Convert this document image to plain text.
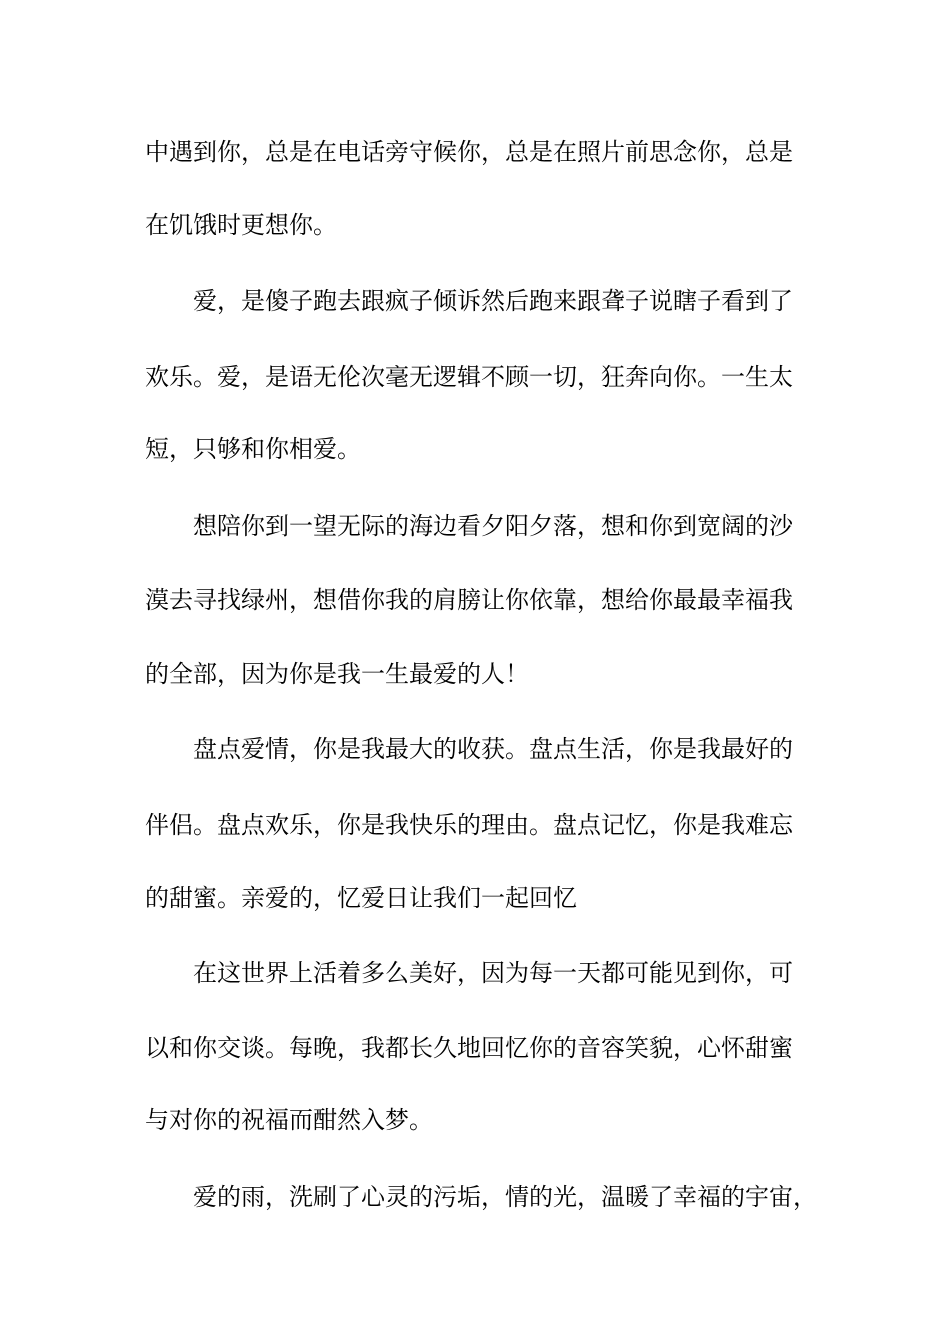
中遇到你，总是在电话旁守候你，总是在照片前思念你，总是
在饥饿时更想你。
爱，是傻子跑去跟疯子倾诉然后跑来跟聋子说瞎子看到了
欢乐。爱，是语无伦次毫无逻辑不顾一切，狂奔向你。一生太
短，只够和你相爱。
想陪你到一望无际的海边看夕阳夕落，想和你到宽阔的沙
漠去寻找绿州，想借你我的肩膀让你依靠，想给你最最幸福我
的全部，因为你是我一生最爱的人！
盘点爱情，你是我最大的收获。盘点生活，你是我最好的
伴侣。盘点欢乐，你是我快乐的理由。盘点记忆，你是我难忘
的甜蜜。亲爱的，忆爱日让我们一起回忆
在这世界上活着多么美好，因为每一天都可能见到你，可
以和你交谈。每晚，我都长久地回忆你的音容笑貌，心怀甜蜜
与对你的祝福而酣然入梦。
爱的雨，洗刷了心灵的污垢，情的光，温暖了幸福的宇宙，
